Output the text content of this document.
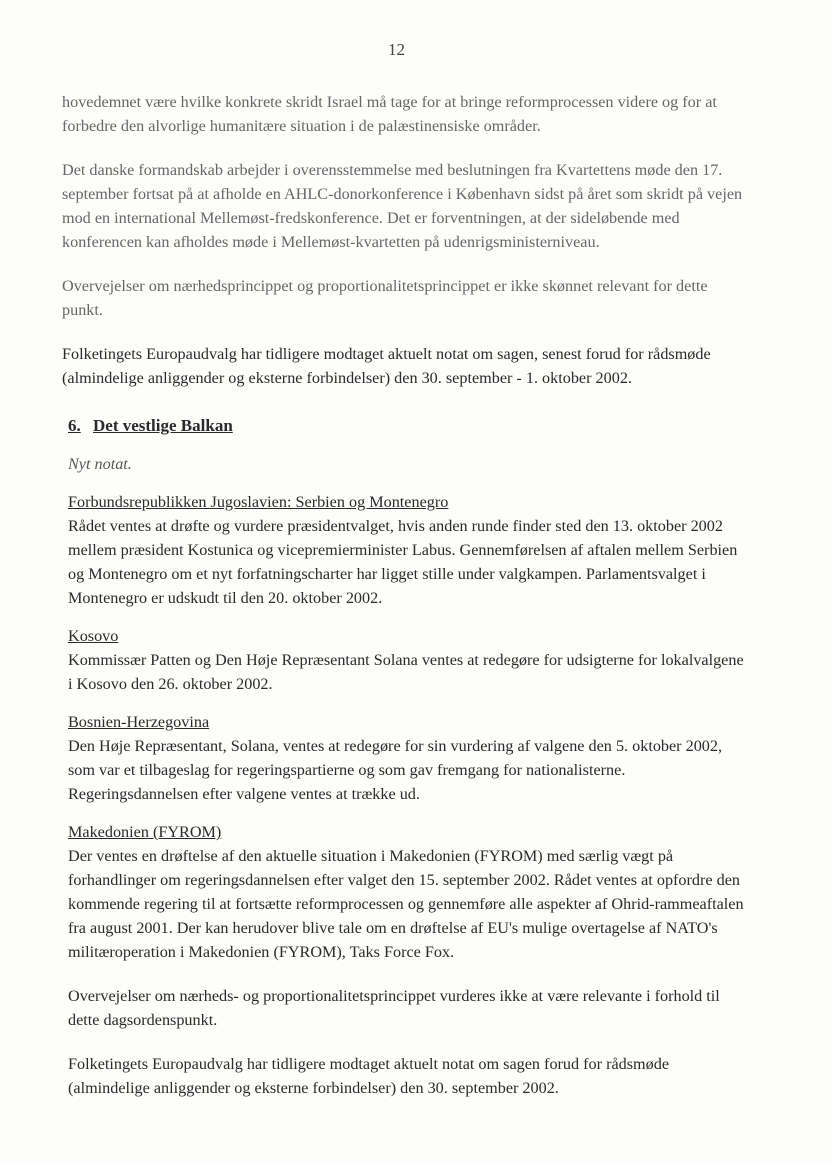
12

hovedemnet være hvilke konkrete skridt Israel må tage for at bringe reformprocessen videre og for at forbedre den alvorlige humanitære situation i de palæstinensiske områder.

Det danske formandskab arbejder i overensstemmelse med beslutningen fra Kvartettens møde den 17. september fortsat på at afholde en AHLC-donorkonference i København sidst på året som skridt på vejen mod en international Mellemøst-fredskonference. Det er forventningen, at der sideløbende med konferencen kan afholdes møde i Mellemøst-kvartetten på udenrigsministerniveau.

Overvejelser om nærhedsprincippet og proportionalitetsprincippet er ikke skønnet relevant for dette punkt.

Folketingets Europaudvalg har tidligere modtaget aktuelt notat om sagen, senest forud for rådsmøde (almindelige anliggender og eksterne forbindelser) den 30. september - 1. oktober 2002.

6. Det vestlige Balkan
Nyt notat.
Forbundsrepublikken Jugoslavien: Serbien og Montenegro
Rådet ventes at drøfte og vurdere præsidentvalget, hvis anden runde finder sted den 13. oktober 2002 mellem præsident Kostunica og vicepremierminister Labus. Gennemførelsen af aftalen mellem Serbien og Montenegro om et nyt forfatningscharter har ligget stille under valgkampen. Parlamentsvalget i Montenegro er udskudt til den 20. oktober 2002.
Kosovo
Kommissær Patten og Den Høje Repræsentant Solana ventes at redegøre for udsigterne for lokalvalgene i Kosovo den 26. oktober 2002.
Bosnien-Herzegovina
Den Høje Repræsentant, Solana, ventes at redegøre for sin vurdering af valgene den 5. oktober 2002, som var et tilbageslag for regeringspartierne og som gav fremgang for nationalisterne. Regeringsdannelsen efter valgene ventes at trække ud.
Makedonien (FYROM)
Der ventes en drøftelse af den aktuelle situation i Makedonien (FYROM) med særlig vægt på forhandlinger om regeringsdannelsen efter valget den 15. september 2002. Rådet ventes at opfordre den kommende regering til at fortsætte reformprocessen og gennemføre alle aspekter af Ohrid-rammeaftalen fra august 2001. Der kan herudover blive tale om en drøftelse af EU's mulige overtagelse af NATO's militæroperation i Makedonien (FYROM), Taks Force Fox.

Overvejelser om nærheds- og proportionalitetsprincippet vurderes ikke at være relevante i forhold til dette dagsordenspunkt.

Folketingets Europaudvalg har tidligere modtaget aktuelt notat om sagen forud for rådsmøde (almindelige anliggender og eksterne forbindelser) den 30. september 2002.
